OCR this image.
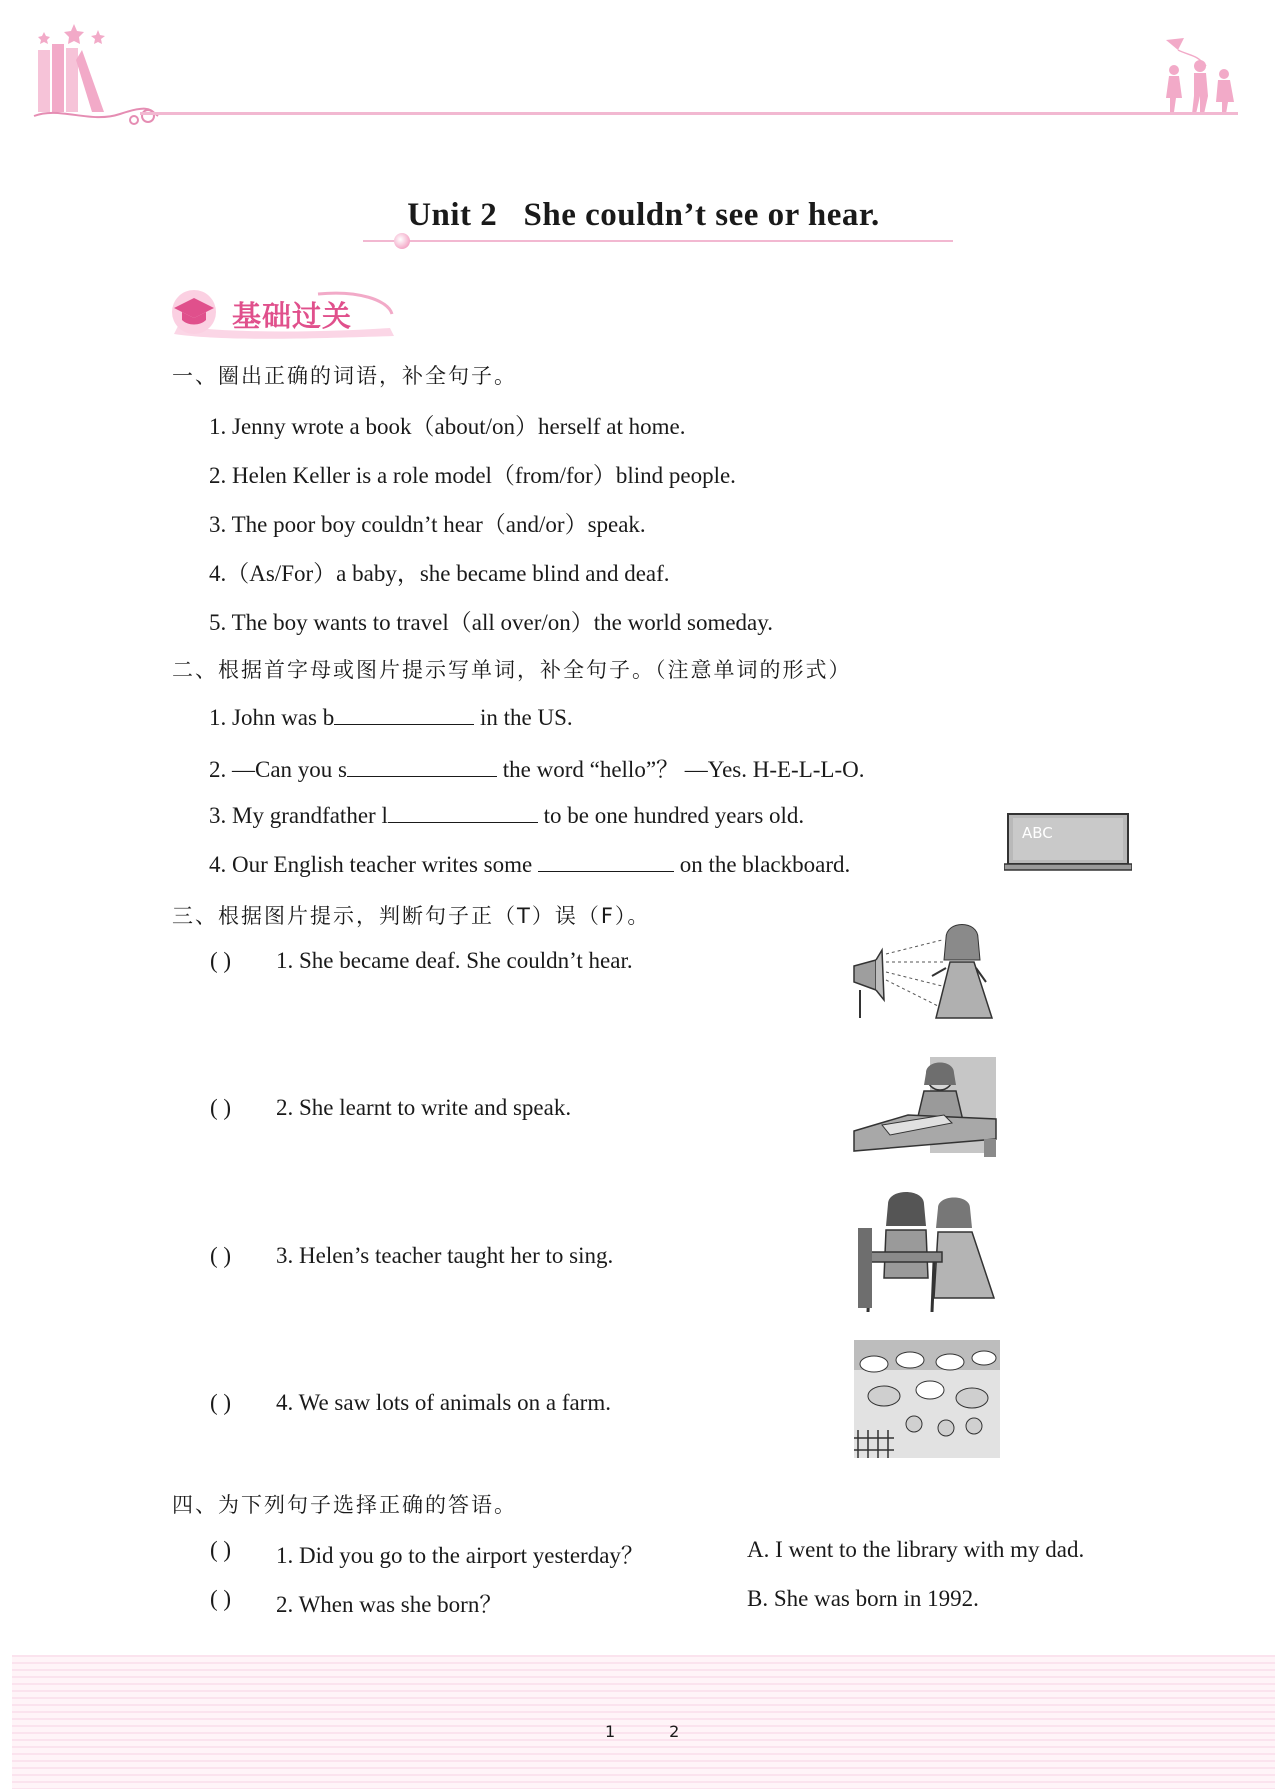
Unit 2   She couldn’t see or hear.
基础过关
一、圈出正确的词语，补全句子。
1. Jenny wrote a book（about/on）herself at home.
2. Helen Keller is a role model（from/for）blind people.
3. The poor boy couldn’t hear（and/or）speak.
4.（As/For）a baby，she became blind and deaf.
5. The boy wants to travel（all over/on）the world someday.
二、根据首字母或图片提示写单词，补全句子。（注意单词的形式）
1. John was b	in the US.
2. —Can you s	the word “hello”？ —Yes. H-E-L-L-O.
3. My grandfather l	to be one hundred years old.
4. Our English teacher writes some	on the blackboard.
ABC
三、根据图片提示，判断句子正（T）误（F）。
( ) 1. She became deaf. She couldn’t hear.
( ) 2. She learnt to write and speak.
( ) 3. Helen’s teacher taught her to sing.
( ) 4. We saw lots of animals on a farm.
四、为下列句子选择正确的答语。
( ) 1. Did you go to the airport yesterday？	A. I went to the library with my dad.
( ) 2. When was she born？	B. She was born in 1992.
12
